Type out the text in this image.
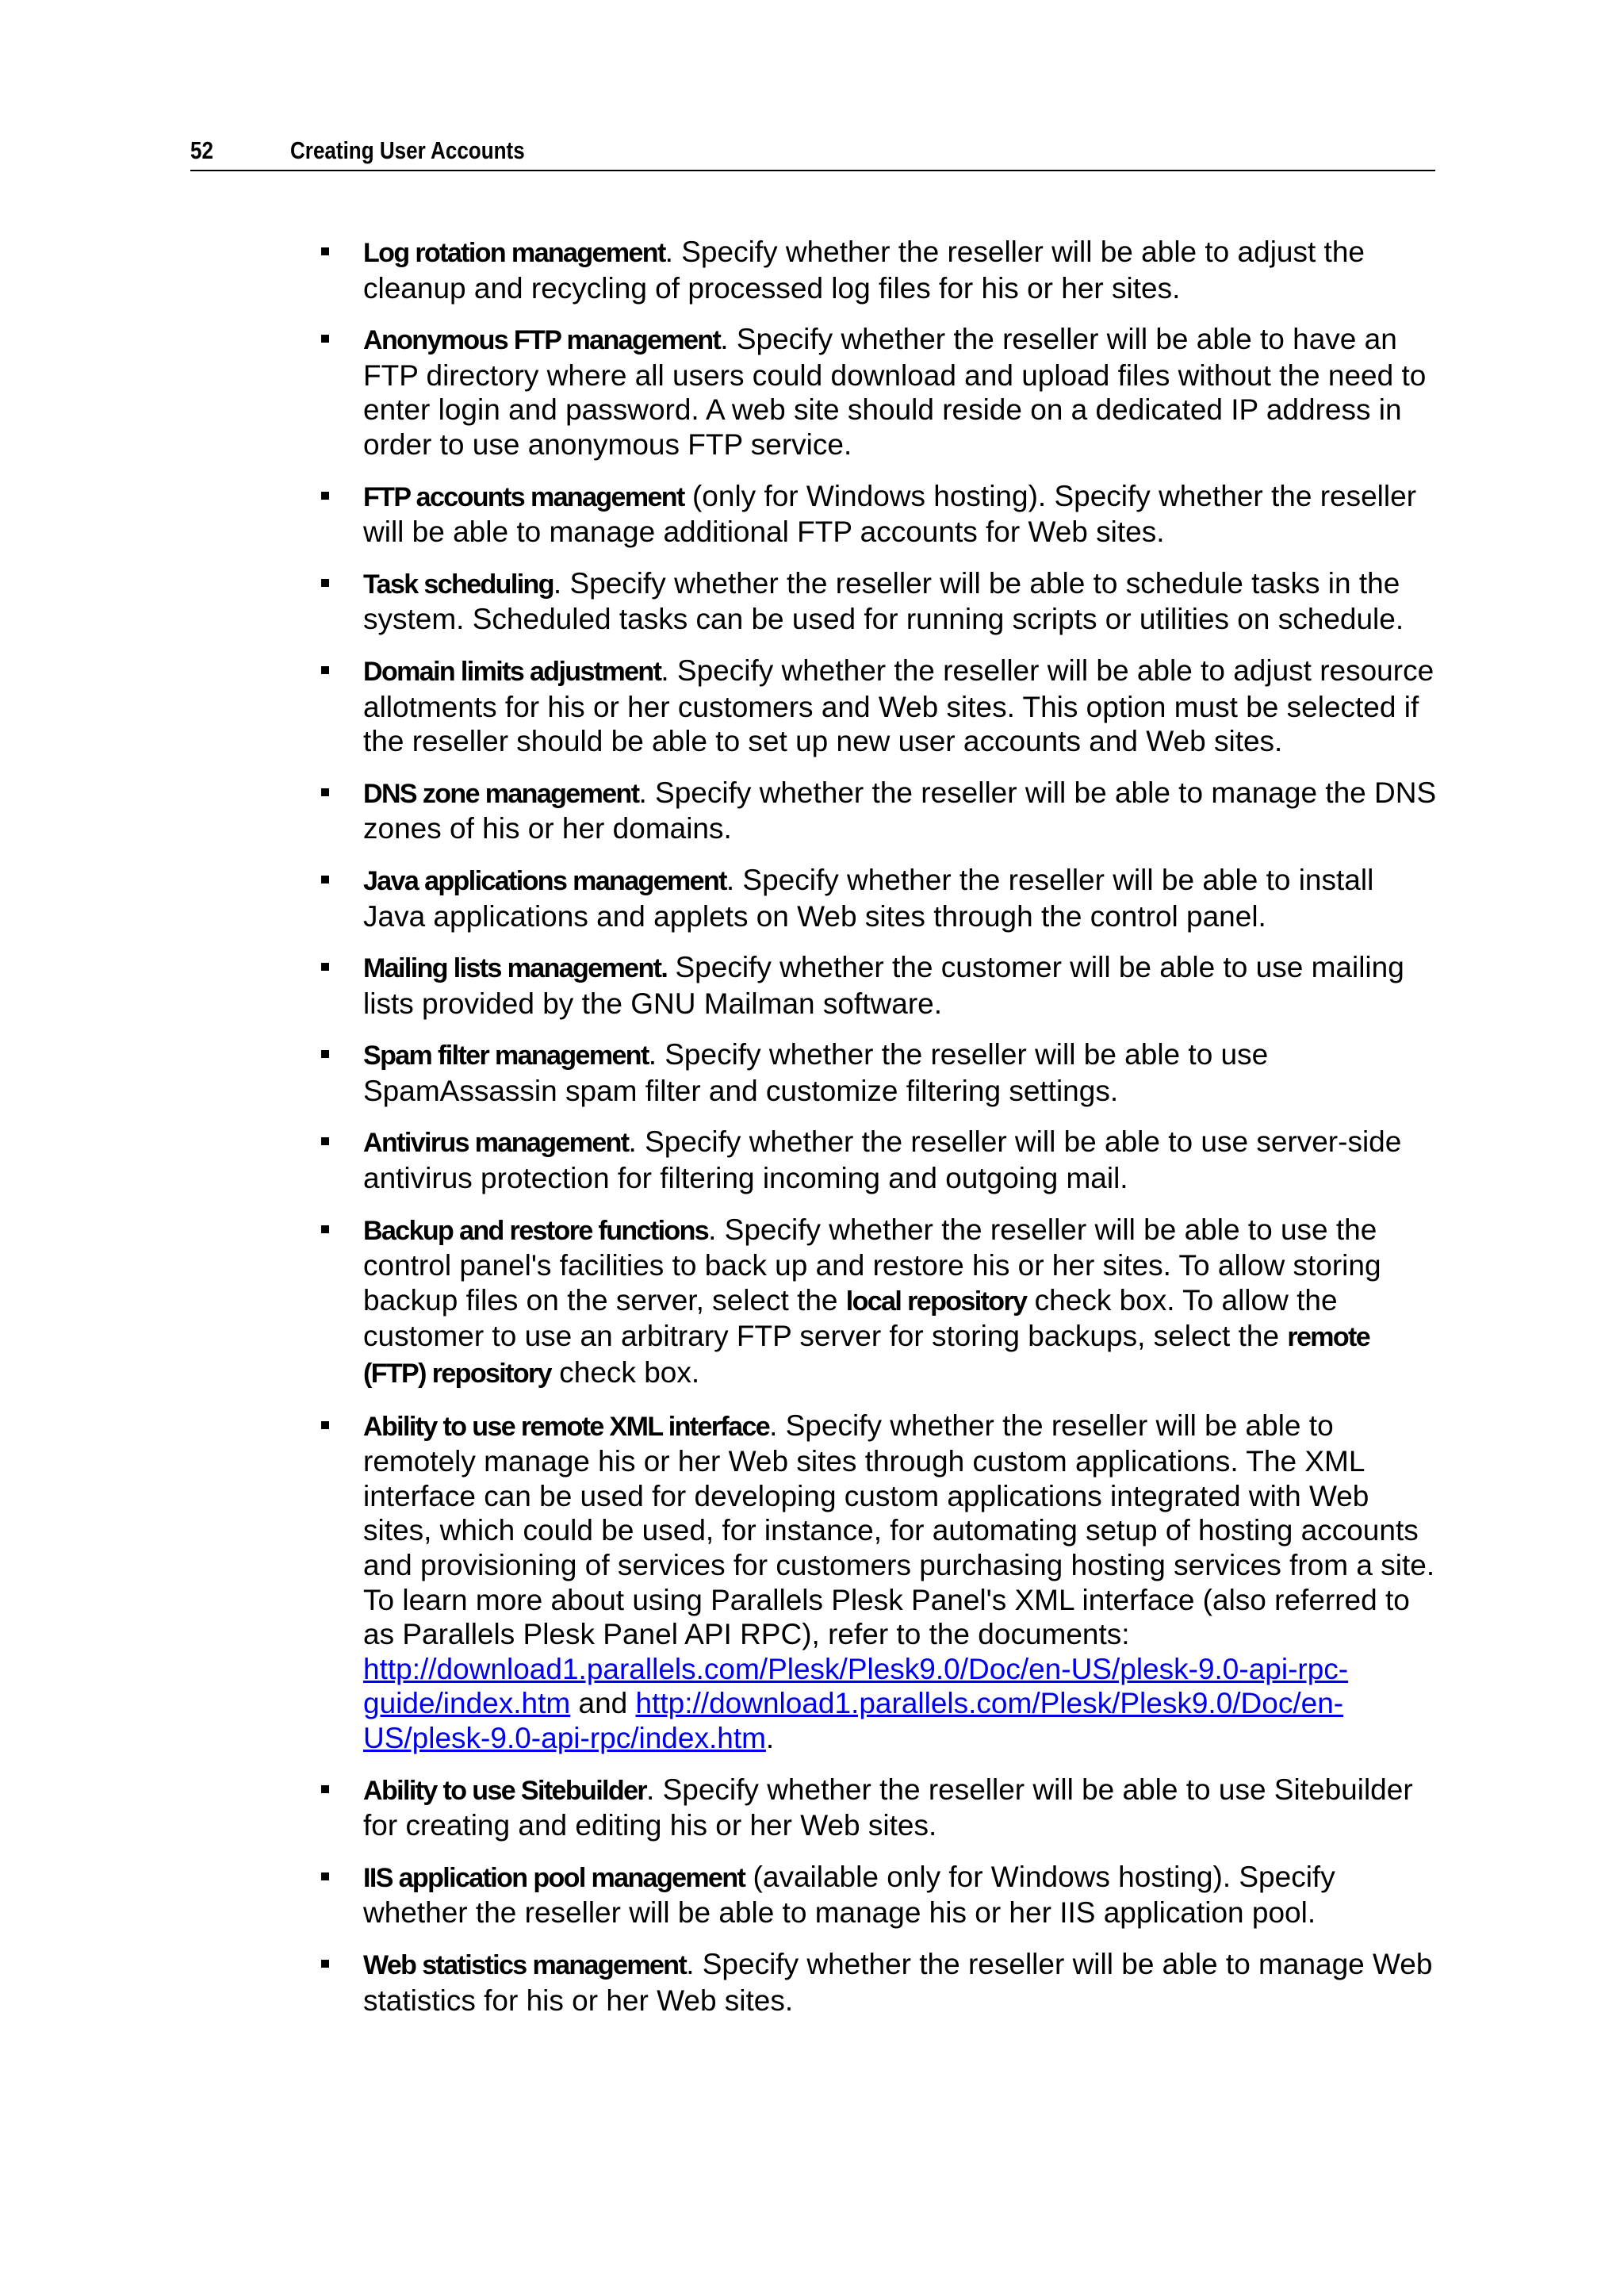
52	Creating User Accounts
Log rotation management. Specify whether the reseller will be able to adjust the cleanup and recycling of processed log files for his or her sites.
Anonymous FTP management. Specify whether the reseller will be able to have an FTP directory where all users could download and upload files without the need to enter login and password. A web site should reside on a dedicated IP address in order to use anonymous FTP service.
FTP accounts management (only for Windows hosting). Specify whether the reseller will be able to manage additional FTP accounts for Web sites.
Task scheduling. Specify whether the reseller will be able to schedule tasks in the system. Scheduled tasks can be used for running scripts or utilities on schedule.
Domain limits adjustment. Specify whether the reseller will be able to adjust resource allotments for his or her customers and Web sites. This option must be selected if the reseller should be able to set up new user accounts and Web sites.
DNS zone management. Specify whether the reseller will be able to manage the DNS zones of his or her domains.
Java applications management. Specify whether the reseller will be able to install Java applications and applets on Web sites through the control panel.
Mailing lists management. Specify whether the customer will be able to use mailing lists provided by the GNU Mailman software.
Spam filter management. Specify whether the reseller will be able to use SpamAssassin spam filter and customize filtering settings.
Antivirus management. Specify whether the reseller will be able to use server-side antivirus protection for filtering incoming and outgoing mail.
Backup and restore functions. Specify whether the reseller will be able to use the control panel's facilities to back up and restore his or her sites. To allow storing backup files on the server, select the local repository check box. To allow the customer to use an arbitrary FTP server for storing backups, select the remote (FTP) repository check box.
Ability to use remote XML interface. Specify whether the reseller will be able to remotely manage his or her Web sites through custom applications. The XML interface can be used for developing custom applications integrated with Web sites, which could be used, for instance, for automating setup of hosting accounts and provisioning of services for customers purchasing hosting services from a site. To learn more about using Parallels Plesk Panel's XML interface (also referred to as Parallels Plesk Panel API RPC), refer to the documents: http://download1.parallels.com/Plesk/Plesk9.0/Doc/en-US/plesk-9.0-api-rpc-guide/index.htm and http://download1.parallels.com/Plesk/Plesk9.0/Doc/en-US/plesk-9.0-api-rpc/index.htm.
Ability to use Sitebuilder. Specify whether the reseller will be able to use Sitebuilder for creating and editing his or her Web sites.
IIS application pool management (available only for Windows hosting). Specify whether the reseller will be able to manage his or her IIS application pool.
Web statistics management. Specify whether the reseller will be able to manage Web statistics for his or her Web sites.
